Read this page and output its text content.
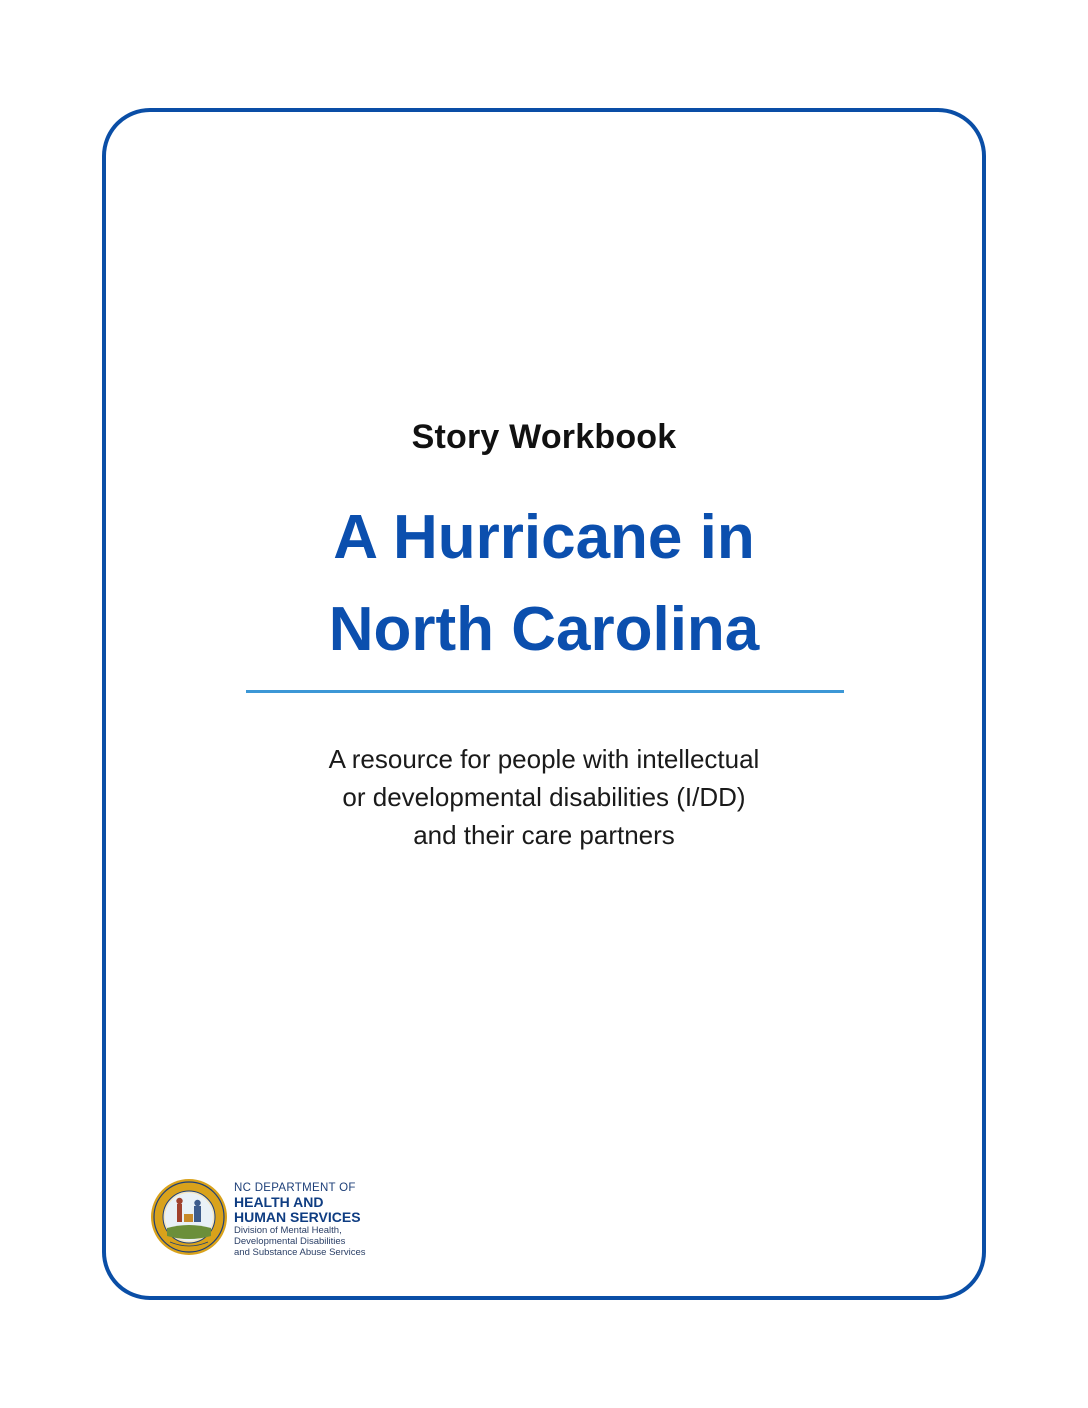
Story Workbook
A Hurricane in
North Carolina
A resource for people with intellectual
or developmental disabilities (I/DD)
and their care partners
NC DEPARTMENT OF
HEALTH AND
HUMAN SERVICES
Division of Mental Health,
Developmental Disabilities
and Substance Abuse Services
